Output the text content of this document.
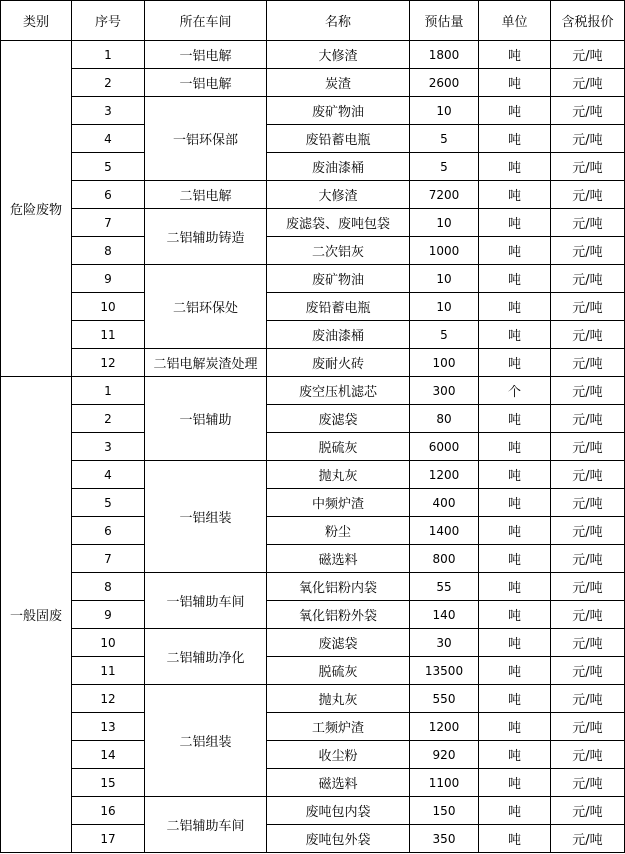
类别	序号	所在车间	名称	预估量	单位	含税报价
危险废物	1	一铝电解	大修渣	1800	吨	元/吨
	2	一铝电解	炭渣	2600	吨	元/吨
	3	一铝环保部	废矿物油	10	吨	元/吨
	4		废铅蓄电瓶	5	吨	元/吨
	5		废油漆桶	5	吨	元/吨
	6	二铝电解	大修渣	7200	吨	元/吨
	7	二铝辅助铸造	废滤袋、废吨包袋	10	吨	元/吨
	8		二次铝灰	1000	吨	元/吨
	9	二铝环保处	废矿物油	10	吨	元/吨
	10		废铅蓄电瓶	10	吨	元/吨
	11		废油漆桶	5	吨	元/吨
	12	二铝电解炭渣处理	废耐火砖	100	吨	元/吨
一般固废	1	一铝辅助	废空压机滤芯	300	个	元/吨
	2		废滤袋	80	吨	元/吨
	3		脱硫灰	6000	吨	元/吨
	4	一铝组装	抛丸灰	1200	吨	元/吨
	5		中频炉渣	400	吨	元/吨
	6		粉尘	1400	吨	元/吨
	7		磁选料	800	吨	元/吨
	8	一铝辅助车间	氧化铝粉内袋	55	吨	元/吨
	9		氧化铝粉外袋	140	吨	元/吨
	10	二铝辅助净化	废滤袋	30	吨	元/吨
	11		脱硫灰	13500	吨	元/吨
	12	二铝组装	抛丸灰	550	吨	元/吨
	13		工频炉渣	1200	吨	元/吨
	14		收尘粉	920	吨	元/吨
	15		磁选料	1100	吨	元/吨
	16	二铝辅助车间	废吨包内袋	150	吨	元/吨
	17		废吨包外袋	350	吨	元/吨
